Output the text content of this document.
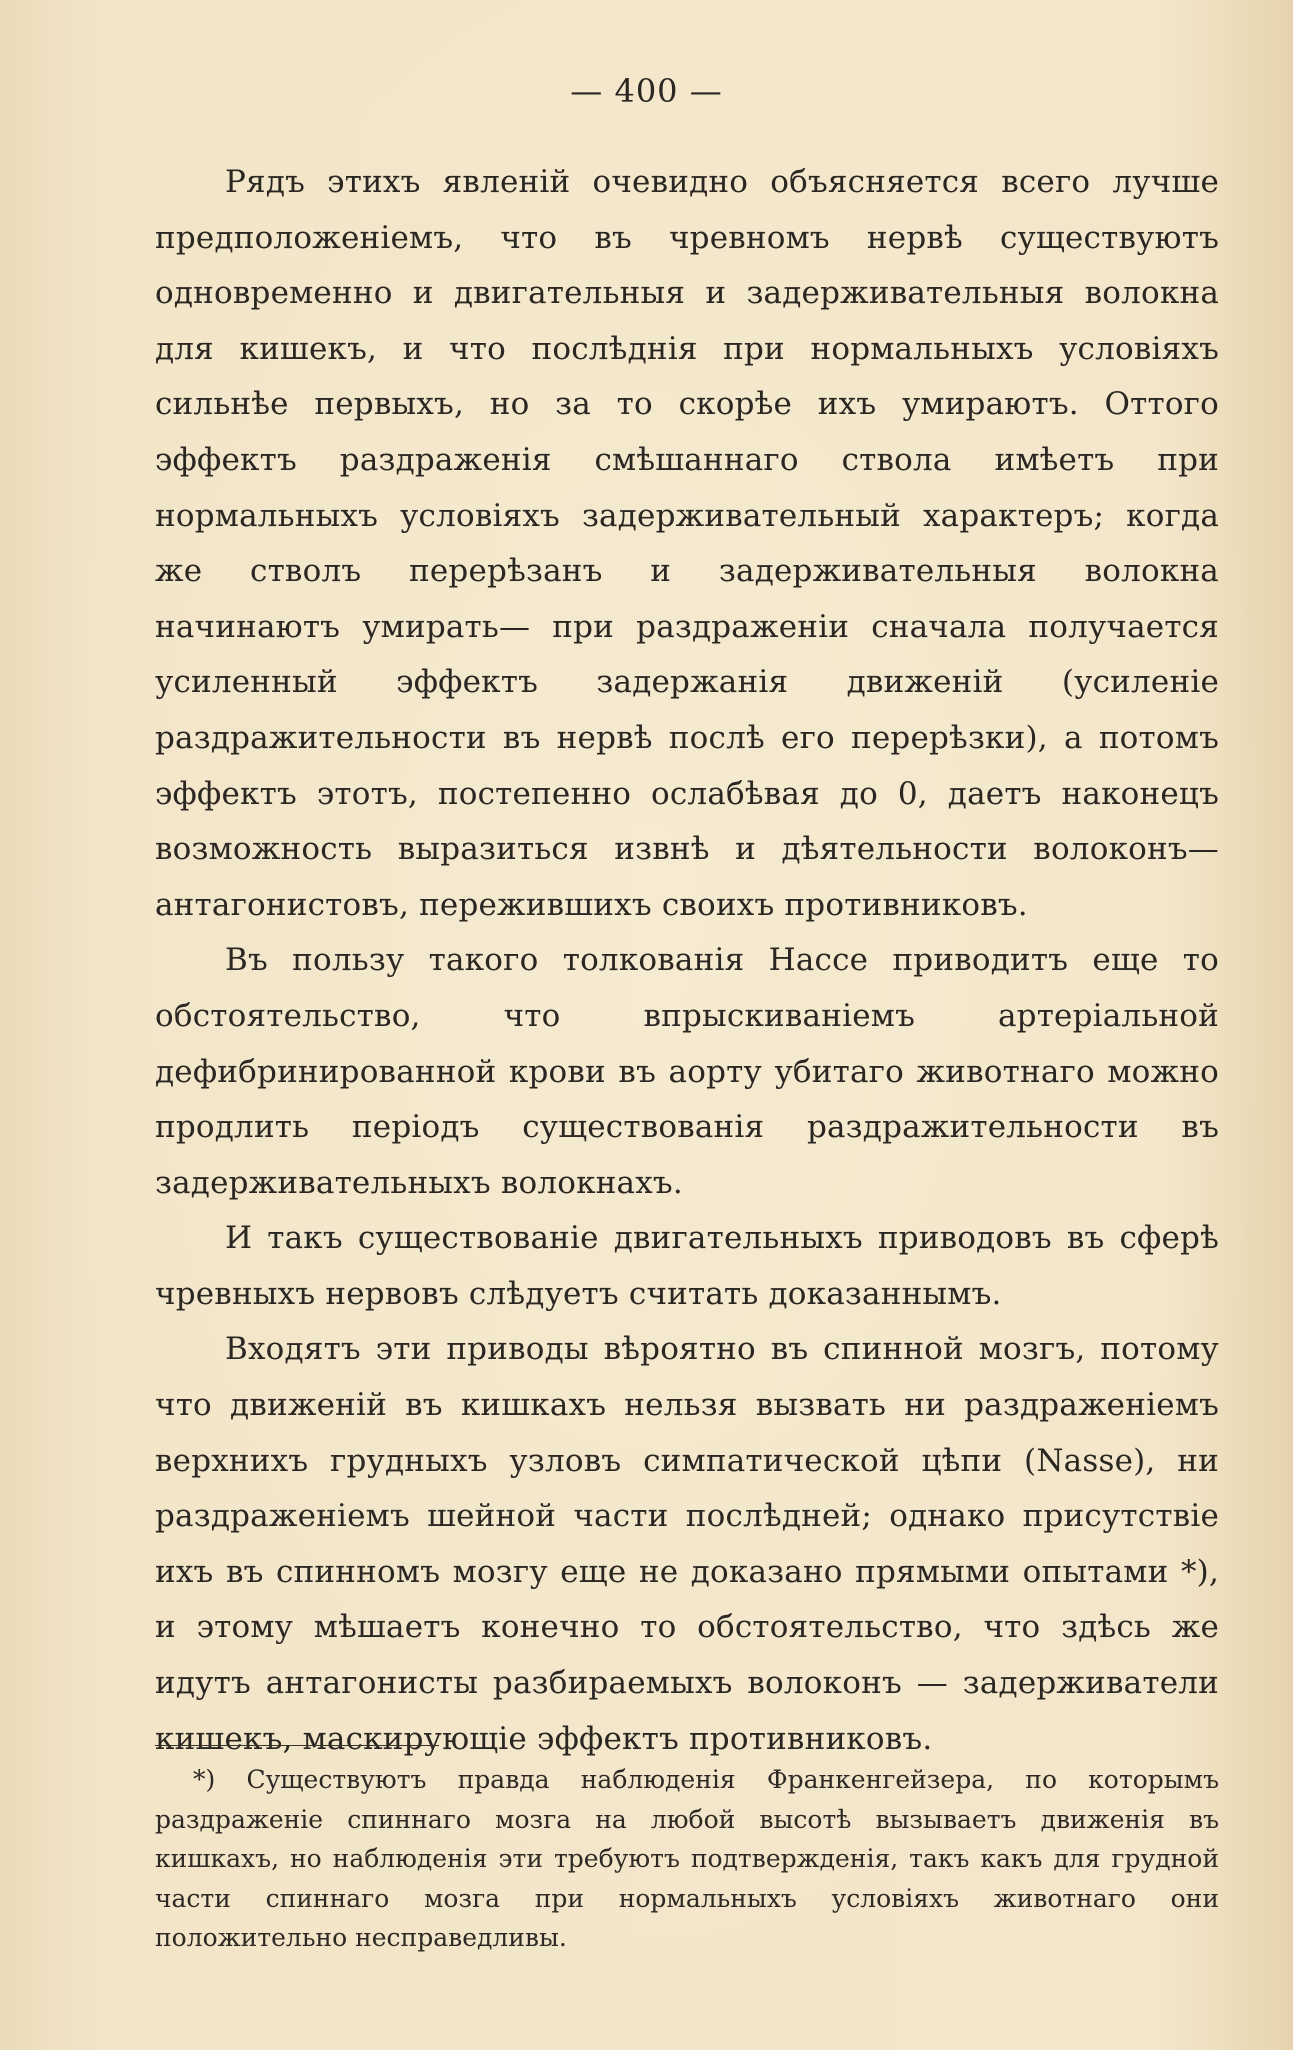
— 400 —

Рядъ этихъ явленій очевидно объясняется всего лучше предположеніемъ, что въ чревномъ нервѣ существуютъ одновременно и двигательныя и задерживательныя волокна для кишекъ, и что послѣднія при нормальныхъ условіяхъ сильнѣе первыхъ, но за то скорѣе ихъ умираютъ. Оттого эффектъ раздраженія смѣшаннаго ствола имѣетъ при нормальныхъ условіяхъ задерживательный характеръ; когда же стволъ перерѣзанъ и задерживательныя волокна начинаютъ умирать— при раздраженіи сначала получается усиленный эффектъ задержанія движеній (усиленіе раздражительности въ нервѣ послѣ его перерѣзки), а потомъ эффектъ этотъ, постепенно ослабѣвая до 0, даетъ наконецъ возможность выразиться извнѣ и дѣятельности волоконъ—антагонистовъ, пережившихъ своихъ противниковъ.

Въ пользу такого толкованія Нассе приводитъ еще то обстоятельство, что впрыскиваніемъ артеріальной дефибринированной крови въ аорту убитаго животнаго можно продлить періодъ существованія раздражительности въ задерживательныхъ волокнахъ.

И такъ существованіе двигательныхъ приводовъ въ сферѣ чревныхъ нервовъ слѣдуетъ считать доказаннымъ.

Входятъ эти приводы вѣроятно въ спинной мозгъ, потому что движеній въ кишкахъ нельзя вызвать ни раздраженіемъ верхнихъ грудныхъ узловъ симпатической цѣпи (Nasse), ни раздраженіемъ шейной части послѣдней; однако присутствіе ихъ въ спинномъ мозгу еще не доказано прямыми опытами *), и этому мѣшаетъ конечно то обстоятельство, что здѣсь же идутъ антагонисты разбираемыхъ волоконъ — задерживатели кишекъ, маскирующіе эффектъ противниковъ.

*) Существуютъ правда наблюденія Франкенгейзера, по которымъ раздраженіе спиннаго мозга на любой высотѣ вызываетъ движенія въ кишкахъ, но наблюденія эти требуютъ подтвержденія, такъ какъ для грудной части спиннаго мозга при нормальныхъ условіяхъ животнаго они положительно несправедливы.
